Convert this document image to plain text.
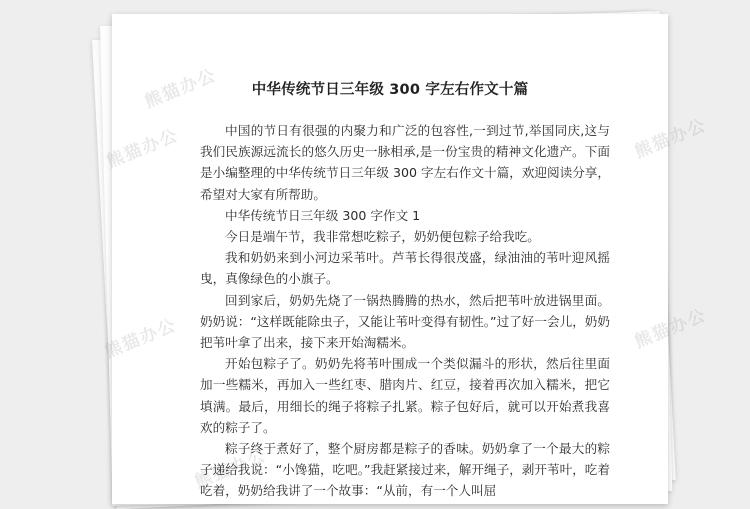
熊猫办公
熊猫办公
熊猫办公
熊猫办公
熊猫办公
熊猫办公
中华传统节日三年级 300 字左右作文十篇

中国的节日有很强的内聚力和广泛的包容性,一到过节,举国同庆,这与我们民族源远流长的悠久历史一脉相承,是一份宝贵的精神文化遗产。下面是小编整理的中华传统节日三年级 300 字左右作文十篇，欢迎阅读分享，希望对大家有所帮助。

中华传统节日三年级 300 字作文 1

今日是端午节，我非常想吃粽子，奶奶便包粽子给我吃。

我和奶奶来到小河边采苇叶。芦苇长得很茂盛，绿油油的苇叶迎风摇曳，真像绿色的小旗子。

回到家后，奶奶先烧了一锅热腾腾的热水，然后把苇叶放进锅里面。奶奶说：“这样既能除虫子，又能让苇叶变得有韧性。”过了好一会儿，奶奶把苇叶拿了出来，接下来开始淘糯米。

开始包粽子了。奶奶先将苇叶围成一个类似漏斗的形状，然后往里面加一些糯米，再加入一些红枣、腊肉片、红豆，接着再次加入糯米，把它填满。最后，用细长的绳子将粽子扎紧。粽子包好后，就可以开始煮我喜欢的粽子了。

粽子终于煮好了，整个厨房都是粽子的香味。奶奶拿了一个最大的粽子递给我说：“小馋猫，吃吧。”我赶紧接过来，解开绳子，剥开苇叶，吃着吃着，奶奶给我讲了一个故事：“从前，有一个人叫屈
